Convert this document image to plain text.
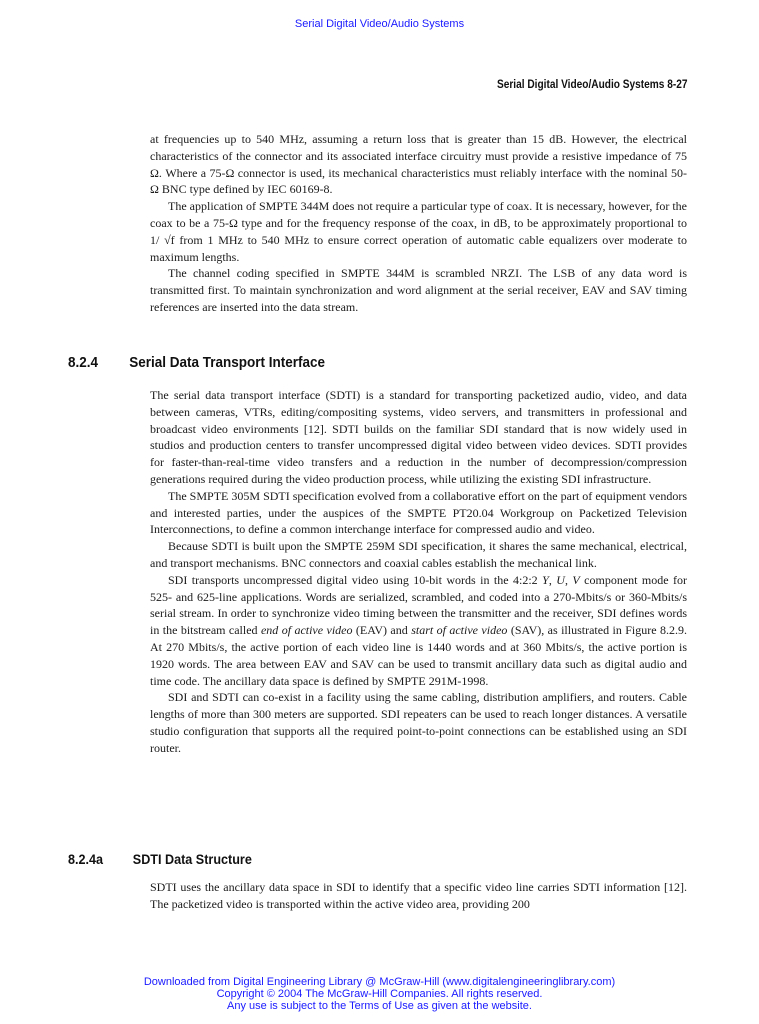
Serial Digital Video/Audio Systems
Serial Digital Video/Audio Systems 8-27

at frequencies up to 540 MHz, assuming a return loss that is greater than 15 dB. However, the electrical characteristics of the connector and its associated interface circuitry must provide a resistive impedance of 75 Ω. Where a 75-Ω connector is used, its mechanical characteristics must reliably interface with the nominal 50-Ω BNC type defined by IEC 60169-8.

The application of SMPTE 344M does not require a particular type of coax. It is necessary, however, for the coax to be a 75-Ω type and for the frequency response of the coax, in dB, to be approximately proportional to 1/ √f from 1 MHz to 540 MHz to ensure correct operation of automatic cable equalizers over moderate to maximum lengths.

The channel coding specified in SMPTE 344M is scrambled NRZI. The LSB of any data word is transmitted first. To maintain synchronization and word alignment at the serial receiver, EAV and SAV timing references are inserted into the data stream.

8.2.4 Serial Data Transport Interface

The serial data transport interface (SDTI) is a standard for transporting packetized audio, video, and data between cameras, VTRs, editing/compositing systems, video servers, and transmitters in professional and broadcast video environments [12]. SDTI builds on the familiar SDI standard that is now widely used in studios and production centers to transfer uncompressed digital video between video devices. SDTI provides for faster-than-real-time video transfers and a reduction in the number of decompression/compression generations required during the video production process, while utilizing the existing SDI infrastructure.

The SMPTE 305M SDTI specification evolved from a collaborative effort on the part of equipment vendors and interested parties, under the auspices of the SMPTE PT20.04 Workgroup on Packetized Television Interconnections, to define a common interchange interface for compressed audio and video.

Because SDTI is built upon the SMPTE 259M SDI specification, it shares the same mechanical, electrical, and transport mechanisms. BNC connectors and coaxial cables establish the mechanical link.

SDI transports uncompressed digital video using 10-bit words in the 4:2:2 Y, U, V component mode for 525- and 625-line applications. Words are serialized, scrambled, and coded into a 270-Mbits/s or 360-Mbits/s serial stream. In order to synchronize video timing between the transmitter and the receiver, SDI defines words in the bitstream called end of active video (EAV) and start of active video (SAV), as illustrated in Figure 8.2.9. At 270 Mbits/s, the active portion of each video line is 1440 words and at 360 Mbits/s, the active portion is 1920 words. The area between EAV and SAV can be used to transmit ancillary data such as digital audio and time code. The ancillary data space is defined by SMPTE 291M-1998.

SDI and SDTI can co-exist in a facility using the same cabling, distribution amplifiers, and routers. Cable lengths of more than 300 meters are supported. SDI repeaters can be used to reach longer distances. A versatile studio configuration that supports all the required point-to-point connections can be established using an SDI router.

8.2.4a SDTI Data Structure

SDTI uses the ancillary data space in SDI to identify that a specific video line carries SDTI information [12]. The packetized video is transported within the active video area, providing 200

Downloaded from Digital Engineering Library @ McGraw-Hill (www.digitalengineeringlibrary.com)
Copyright © 2004 The McGraw-Hill Companies. All rights reserved.
Any use is subject to the Terms of Use as given at the website.
